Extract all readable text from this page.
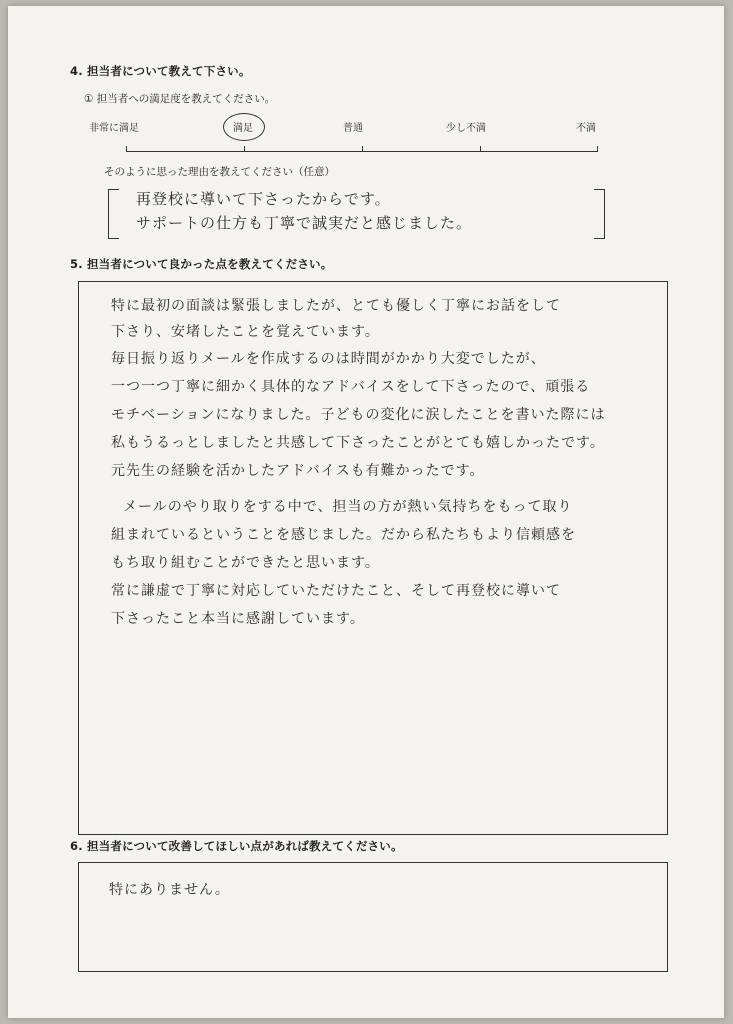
4. 担当者について教えて下さい。
① 担当者への満足度を教えてください。
非常に満足	満足	普通	少し不満	不満
そのように思った理由を教えてください（任意）
再登校に導いて下さったからです。
サポートの仕方も丁寧で誠実だと感じました。
5. 担当者について良かった点を教えてください。
特に最初の面談は緊張しましたが、とても優しく丁寧にお話をして
下さり、安堵したことを覚えています。
毎日振り返りメールを作成するのは時間がかかり大変でしたが、
一つ一つ丁寧に細かく具体的なアドバイスをして下さったので、頑張る
モチベーションになりました。子どもの変化に涙したことを書いた際には
私もうるっとしましたと共感して下さったことがとても嬉しかったです。
元先生の経験を活かしたアドバイスも有難かったです。
メールのやり取りをする中で、担当の方が熱い気持ちをもって取り
組まれているということを感じました。だから私たちもより信頼感を
もち取り組むことができたと思います。
常に謙虚で丁寧に対応していただけたこと、そして再登校に導いて
下さったこと本当に感謝しています。
6. 担当者について改善してほしい点があれば教えてください。
特にありません。
